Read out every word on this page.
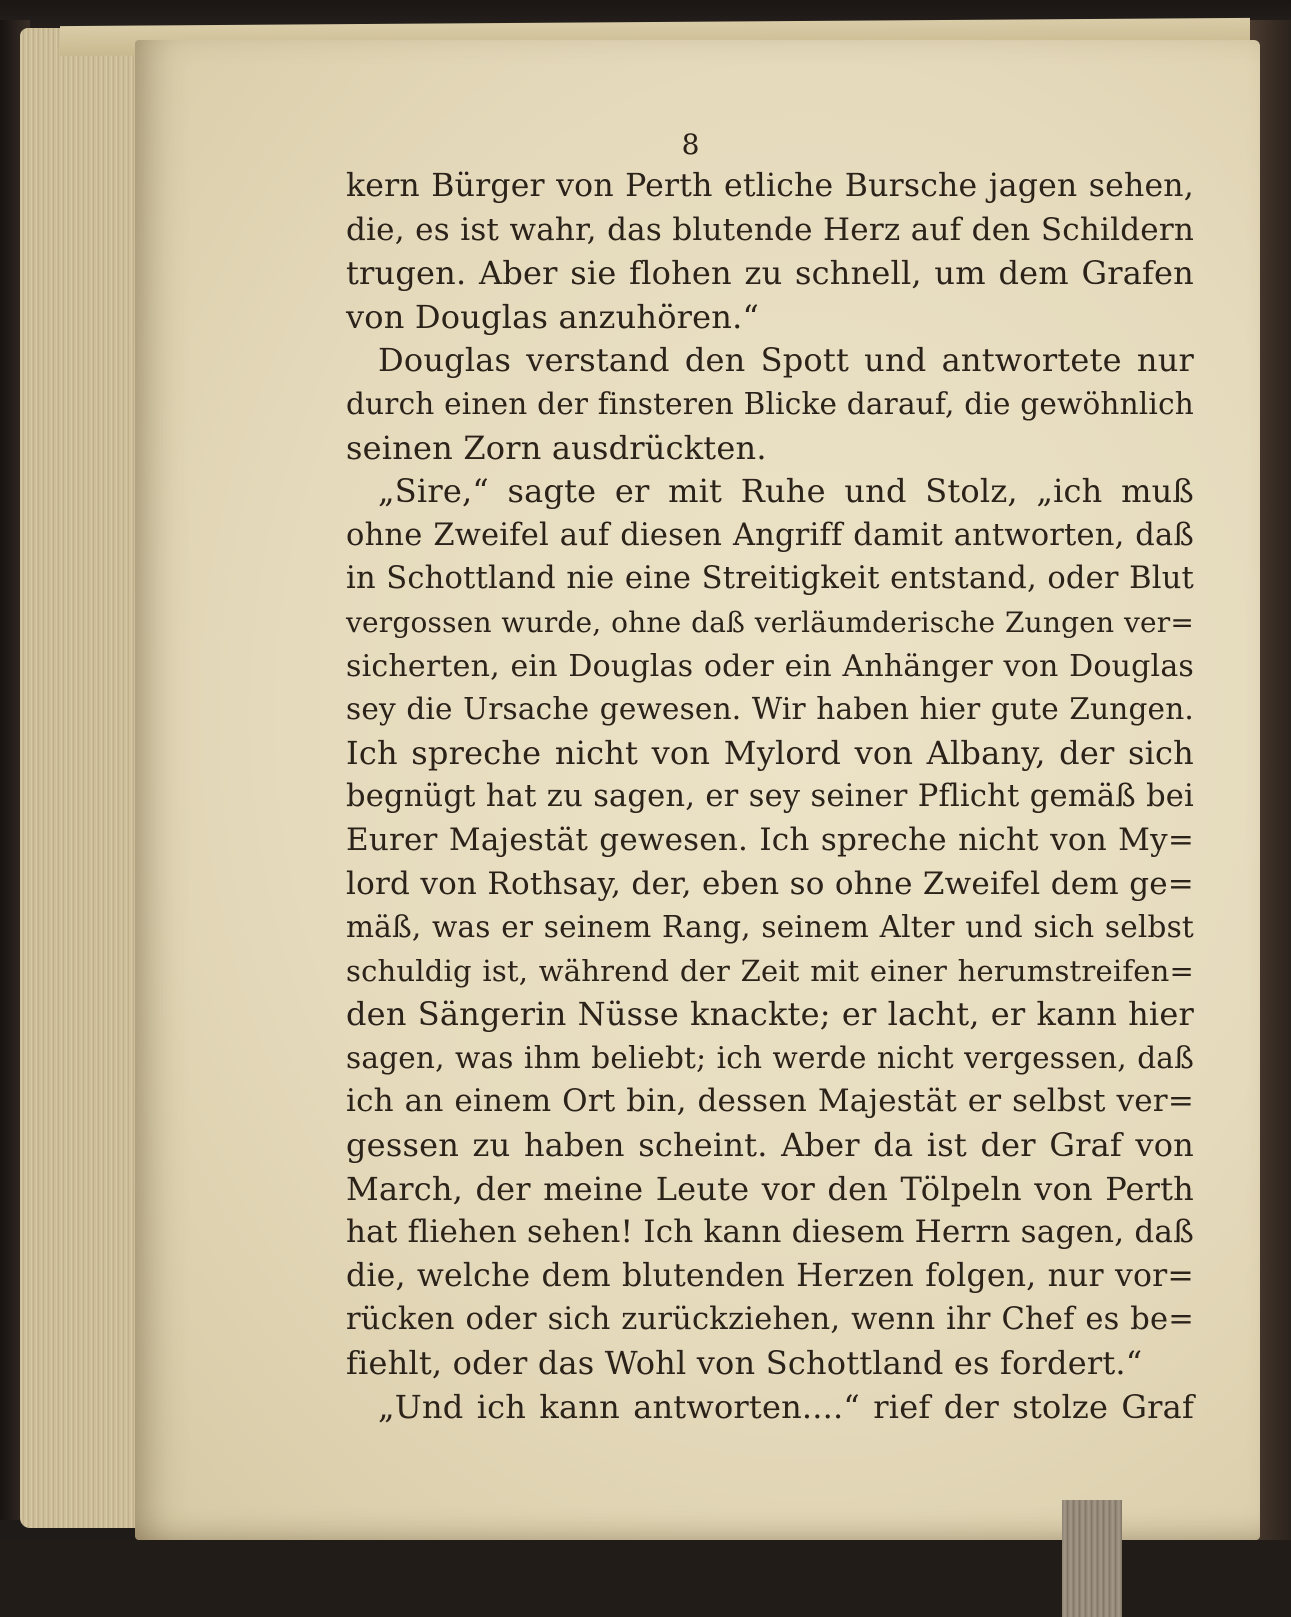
8
kern Bürger von Perth etliche Bursche jagen sehen,
die, es ist wahr, das blutende Herz auf den Schildern
trugen. Aber sie flohen zu schnell, um dem Grafen
von Douglas anzuhören.“
Douglas verstand den Spott und antwortete nur
durch einen der finsteren Blicke darauf, die gewöhnlich
seinen Zorn ausdrückten.
„Sire,“ sagte er mit Ruhe und Stolz, „ich muß
ohne Zweifel auf diesen Angriff damit antworten, daß
in Schottland nie eine Streitigkeit entstand, oder Blut
vergossen wurde, ohne daß verläumderische Zungen ver=
sicherten, ein Douglas oder ein Anhänger von Douglas
sey die Ursache gewesen. Wir haben hier gute Zungen.
Ich spreche nicht von Mylord von Albany, der sich
begnügt hat zu sagen, er sey seiner Pflicht gemäß bei
Eurer Majestät gewesen. Ich spreche nicht von My=
lord von Rothsay, der, eben so ohne Zweifel dem ge=
mäß, was er seinem Rang, seinem Alter und sich selbst
schuldig ist, während der Zeit mit einer herumstreifen=
den Sängerin Nüsse knackte; er lacht, er kann hier
sagen, was ihm beliebt; ich werde nicht vergessen, daß
ich an einem Ort bin, dessen Majestät er selbst ver=
gessen zu haben scheint. Aber da ist der Graf von
March, der meine Leute vor den Tölpeln von Perth
hat fliehen sehen! Ich kann diesem Herrn sagen, daß
die, welche dem blutenden Herzen folgen, nur vor=
rücken oder sich zurückziehen, wenn ihr Chef es be=
fiehlt, oder das Wohl von Schottland es fordert.“
„Und ich kann antworten....“ rief der stolze Graf
